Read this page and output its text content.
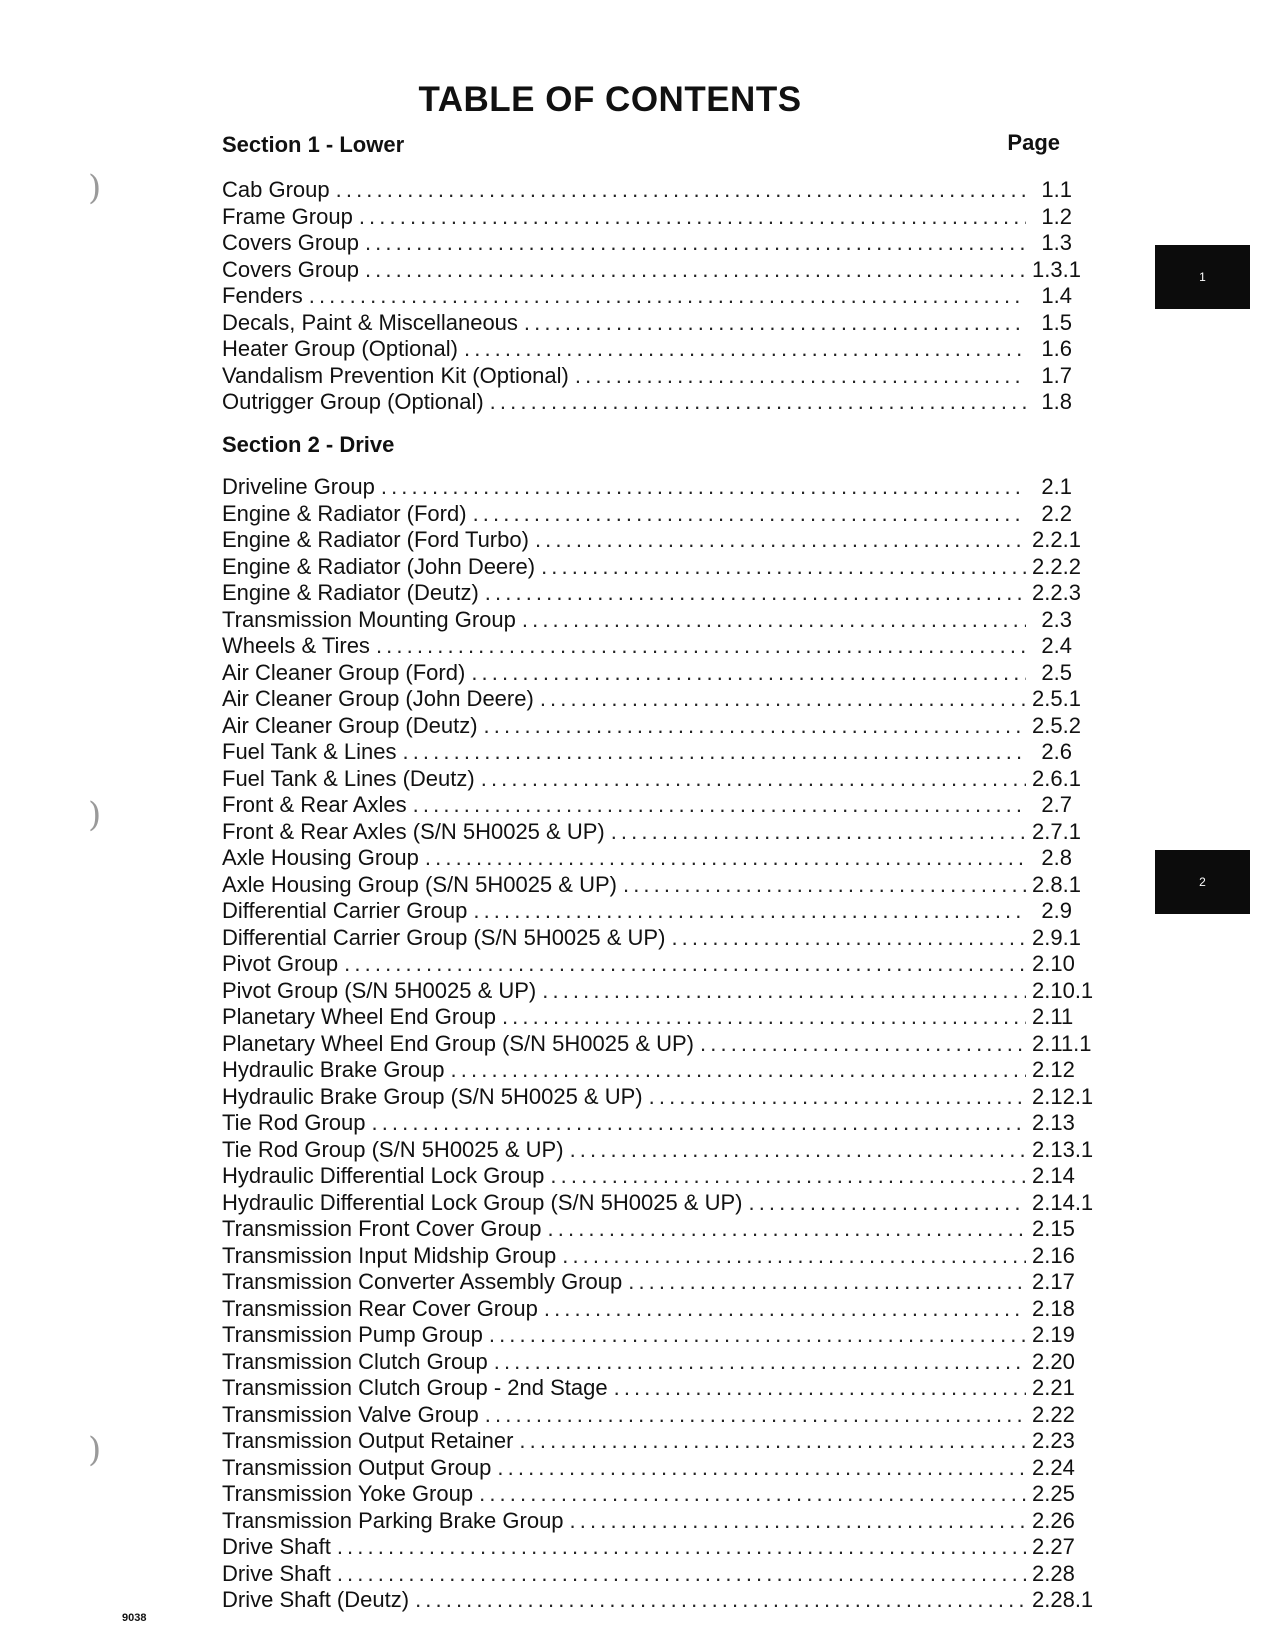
TABLE OF CONTENTS
Section 1 - Lower	Page
Cab Group . . .	1.1
Frame Group . . .	1.2
Covers Group . . .	1.3
Covers Group . . .	1.3.1
Fenders . . .	1.4
Decals, Paint & Miscellaneous . . .	1.5
Heater Group (Optional) . . .	1.6
Vandalism Prevention Kit (Optional) . . .	1.7
Outrigger Group (Optional) . . .	1.8
Section 2 - Drive
Driveline Group . . .	2.1
Engine & Radiator (Ford) . . .	2.2
Engine & Radiator (Ford Turbo) . . .	2.2.1
Engine & Radiator (John Deere) . . .	2.2.2
Engine & Radiator (Deutz) . . .	2.2.3
Transmission Mounting Group . . .	2.3
Wheels & Tires . . .	2.4
Air Cleaner Group (Ford) . . .	2.5
Air Cleaner Group (John Deere) . . .	2.5.1
Air Cleaner Group (Deutz) . . .	2.5.2
Fuel Tank & Lines . . .	2.6
Fuel Tank & Lines (Deutz) . . .	2.6.1
Front & Rear Axles . . .	2.7
Front & Rear Axles (S/N 5H0025 & UP) . . .	2.7.1
Axle Housing Group . . .	2.8
Axle Housing Group (S/N 5H0025 & UP) . . .	2.8.1
Differential Carrier Group . . .	2.9
Differential Carrier Group (S/N 5H0025 & UP) . . .	2.9.1
Pivot Group . . .	2.10
Pivot Group (S/N 5H0025 & UP) . . .	2.10.1
Planetary Wheel End Group . . .	2.11
Planetary Wheel End Group (S/N 5H0025 & UP) . . .	2.11.1
Hydraulic Brake Group . . .	2.12
Hydraulic Brake Group (S/N 5H0025 & UP) . . .	2.12.1
Tie Rod Group . . .	2.13
Tie Rod Group (S/N 5H0025 & UP) . . .	2.13.1
Hydraulic Differential Lock Group . . .	2.14
Hydraulic Differential Lock Group (S/N 5H0025 & UP) . . .	2.14.1
Transmission Front Cover Group . . .	2.15
Transmission Input Midship Group . . .	2.16
Transmission Converter Assembly Group . . .	2.17
Transmission Rear Cover Group . . .	2.18
Transmission Pump Group . . .	2.19
Transmission Clutch Group . . .	2.20
Transmission Clutch Group - 2nd Stage . . .	2.21
Transmission Valve Group . . .	2.22
Transmission Output Retainer . . .	2.23
Transmission Output Group . . .	2.24
Transmission Yoke Group . . .	2.25
Transmission Parking Brake Group . . .	2.26
Drive Shaft . . .	2.27
Drive Shaft . . .	2.28
Drive Shaft (Deutz) . . .	2.28.1
1
2
)
)
)
9038
